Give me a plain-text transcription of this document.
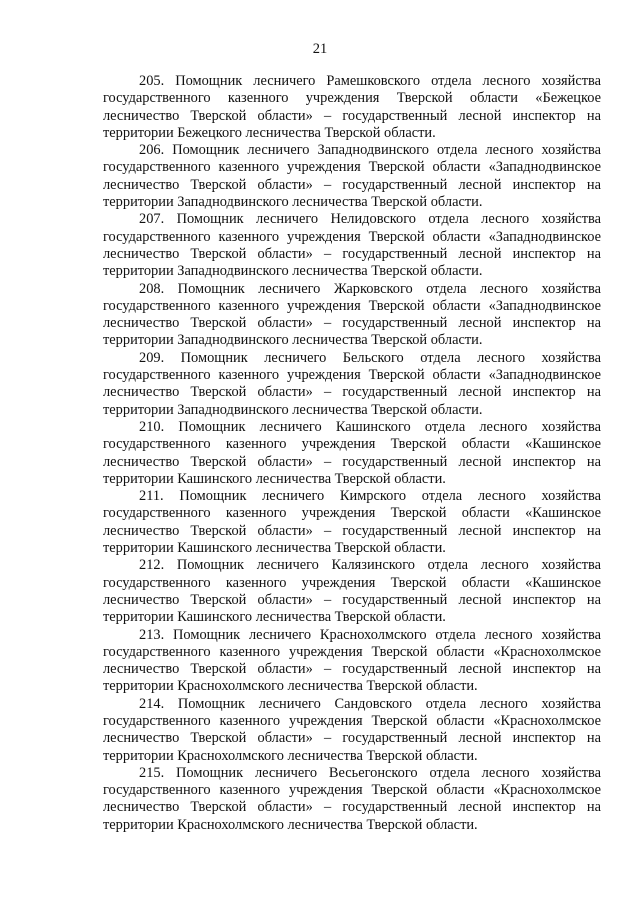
21

205. Помощник лесничего Рамешковского отдела лесного хозяйства государственного казенного учреждения Тверской области «Бежецкое лесничество Тверской области» – государственный лесной инспектор на территории Бежецкого лесничества Тверской области.

206. Помощник лесничего Западнодвинского отдела лесного хозяйства государственного казенного учреждения Тверской области «Западнодвинское лесничество Тверской области» – государственный лесной инспектор на территории Западнодвинского лесничества Тверской области.

207. Помощник лесничего Нелидовского отдела лесного хозяйства государственного казенного учреждения Тверской области «Западнодвинское лесничество Тверской области» – государственный лесной инспектор на территории Западнодвинского лесничества Тверской области.

208. Помощник лесничего Жарковского отдела лесного хозяйства государственного казенного учреждения Тверской области «Западнодвинское лесничество Тверской области» – государственный лесной инспектор на территории Западнодвинского лесничества Тверской области.

209. Помощник лесничего Бельского отдела лесного хозяйства государственного казенного учреждения Тверской области «Западнодвинское лесничество Тверской области» – государственный лесной инспектор на территории Западнодвинского лесничества Тверской области.

210. Помощник лесничего Кашинского отдела лесного хозяйства государственного казенного учреждения Тверской области «Кашинское лесничество Тверской области» – государственный лесной инспектор на территории Кашинского лесничества Тверской области.

211. Помощник лесничего Кимрского отдела лесного хозяйства государственного казенного учреждения Тверской области «Кашинское лесничество Тверской области» – государственный лесной инспектор на территории Кашинского лесничества Тверской области.

212. Помощник лесничего Калязинского отдела лесного хозяйства государственного казенного учреждения Тверской области «Кашинское лесничество Тверской области» – государственный лесной инспектор на территории Кашинского лесничества Тверской области.

213. Помощник лесничего Краснохолмского отдела лесного хозяйства государственного казенного учреждения Тверской области «Краснохолмское лесничество Тверской области» – государственный лесной инспектор на территории Краснохолмского лесничества Тверской области.

214. Помощник лесничего Сандовского отдела лесного хозяйства государственного казенного учреждения Тверской области «Краснохолмское лесничество Тверской области» – государственный лесной инспектор на территории Краснохолмского лесничества Тверской области.

215. Помощник лесничего Весьегонского отдела лесного хозяйства государственного казенного учреждения Тверской области «Краснохолмское лесничество Тверской области» – государственный лесной инспектор на территории Краснохолмского лесничества Тверской области.
